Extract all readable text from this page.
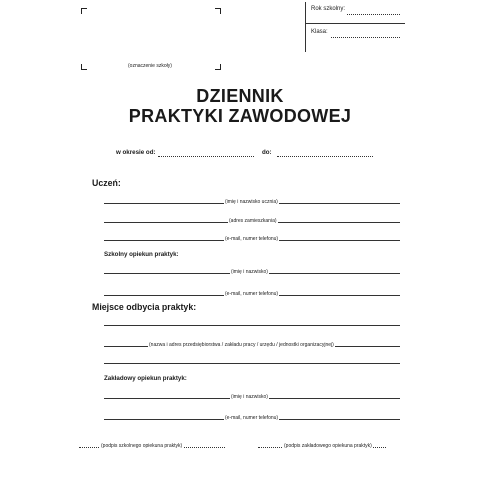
(oznaczenie szkoły)
Rok szkolny:
Klasa:
DZIENNIK
PRAKTYKI ZAWODOWEJ
w okresie od:	do:
Uczeń:
(imię i nazwisko ucznia)
(adres zamieszkania)
(e-mail, numer telefonu)
Szkolny opiekun praktyk:
(imię i nazwisko)
(e-mail, numer telefonu)
Miejsce odbycia praktyk:
(nazwa i adres przedsiębiorstwa / zakładu pracy / urzędu / jednostki organizacyjnej)
Zakładowy opiekun praktyk:
(imię i nazwisko)
(e-mail, numer telefonu)
(podpis szkolnego opiekuna praktyk)	(podpis zakładowego opiekuna praktyk)
